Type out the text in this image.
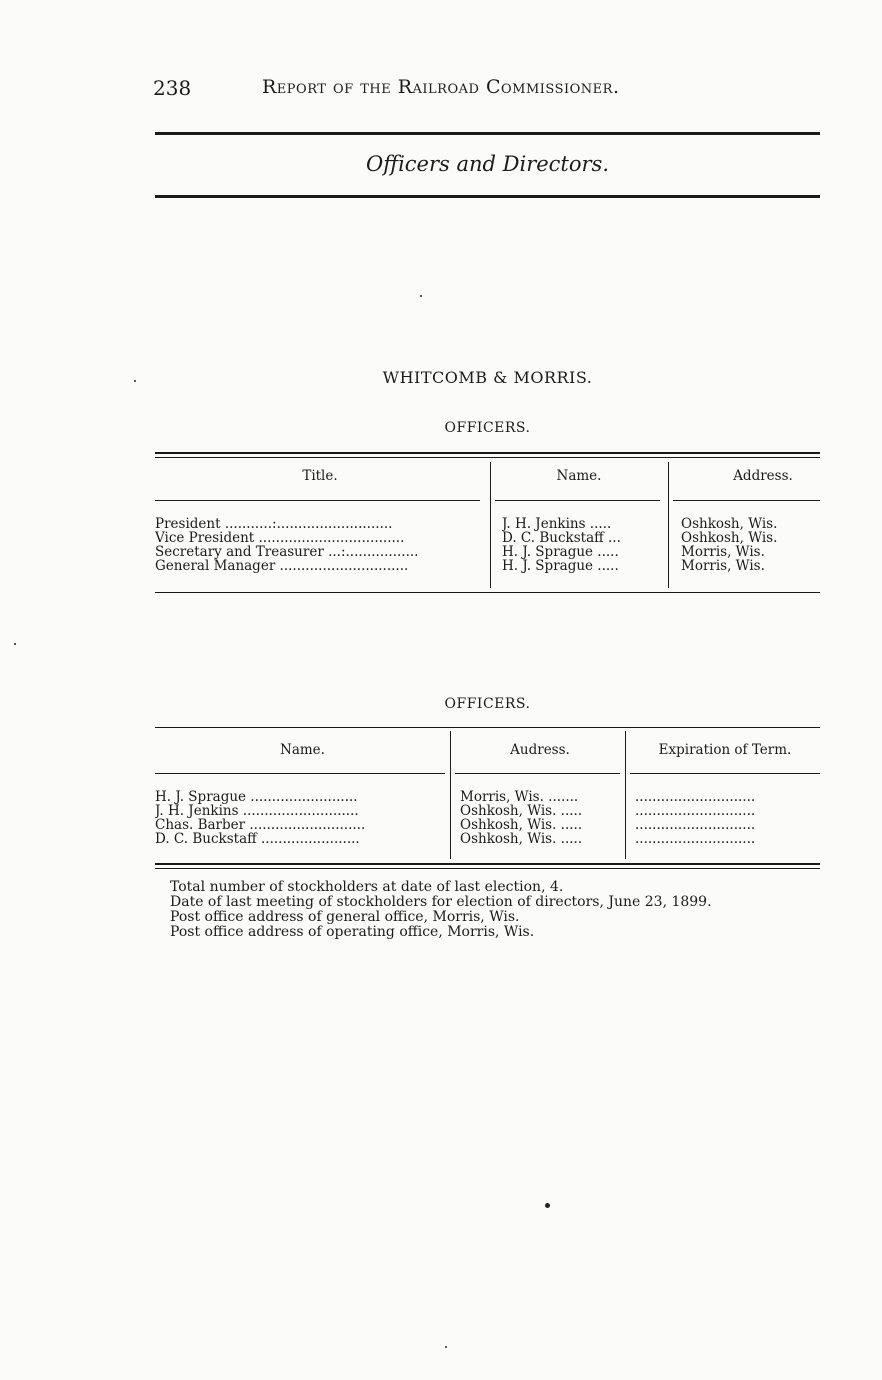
238	Report of the Railroad Commissioner.
Officers and Directors.
WHITCOMB & MORRIS.
OFFICERS.
Title.	Name.	Address.
President ...........:...........................	J. H. Jenkins .....	Oshkosh, Wis.
Vice President ..................................	D. C. Buckstaff ...	Oshkosh, Wis.
Secretary and Treasurer ...:.................	H. J. Sprague .....	Morris, Wis.
General Manager ..............................	H. J. Sprague .....	Morris, Wis.
OFFICERS.
Name.	Audress.	Expiration of Term.
H. J. Sprague .........................	Morris, Wis. .......	............................
J. H. Jenkins ...........................	Oshkosh, Wis. .....	............................
Chas. Barber ...........................	Oshkosh, Wis. .....	............................
D. C. Buckstaff .......................	Oshkosh, Wis. .....	............................
Total number of stockholders at date of last election, 4.
Date of last meeting of stockholders for election of directors, June 23, 1899.
Post office address of general office, Morris, Wis.
Post office address of operating office, Morris, Wis.
